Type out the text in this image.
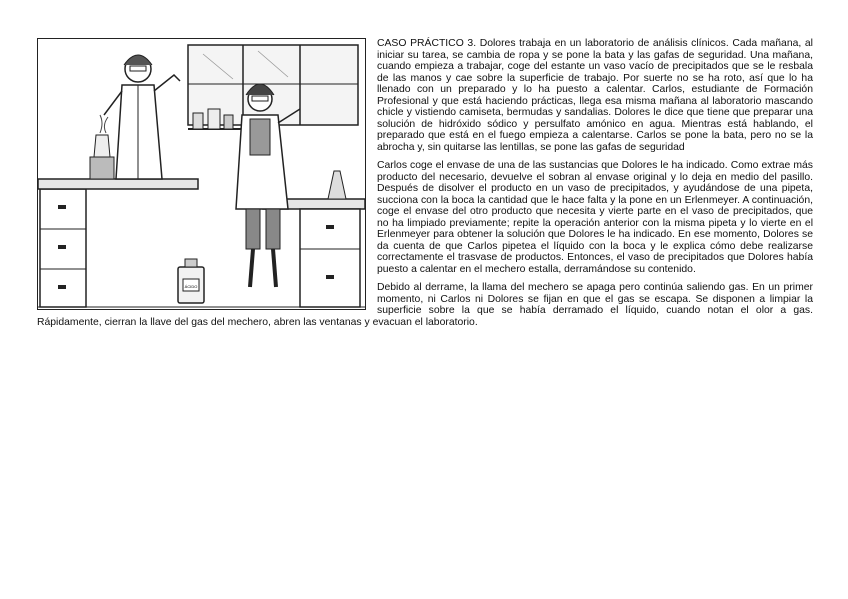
ÁCIDO

CASO PRÁCTICO 3. Dolores trabaja en un laboratorio de análisis clínicos. Cada mañana, al iniciar su tarea, se cambia de ropa y se pone la bata y las gafas de seguridad. Una mañana, cuando empieza a trabajar, coge del estante un vaso vacío de precipitados que se le resbala de las manos y cae sobre la superficie de trabajo. Por suerte no se ha roto, así que lo ha llenado con un preparado y lo ha puesto a calentar. Carlos, estudiante de Formación Profesional y que está haciendo prácticas, llega esa misma mañana al laboratorio mascando chicle y vistiendo camiseta, bermudas y sandalias. Dolores le dice que tiene que preparar una solución de hidróxido sódico y persulfato amónico en agua. Mientras está hablando, el preparado que está en el fuego empieza a calentarse. Carlos se pone la bata, pero no se la abrocha y, sin quitarse las lentillas, se pone las gafas de seguridad

Carlos coge el envase de una de las sustancias que Dolores le ha indicado. Como extrae más producto del necesario, devuelve el sobran al envase original y lo deja en medio del pasillo. Después de disolver el producto en un vaso de precipitados, y ayudándose de una pipeta, succiona con la boca la cantidad que le hace falta y la pone en un Erlenmeyer. A continuación, coge el envase del otro producto que necesita y vierte parte en el vaso de precipitados, que no ha limpiado previamente; repite la operación anterior con la misma pipeta y lo vierte en el Erlenmeyer para obtener la solución que Dolores le ha indicado. En ese momento, Dolores se da cuenta de que Carlos pipetea el líquido con la boca y le explica cómo debe realizarse correctamente el trasvase de productos. Entonces, el vaso de precipitados que Dolores había puesto a calentar en el mechero estalla, derramándose su contenido.

Debido al derrame, la llama del mechero se apaga pero continúa saliendo gas. En un primer momento, ni Carlos ni Dolores se fijan en que el gas se escapa. Se disponen a limpiar la superficie sobre la que se había derramado el líquido, cuando notan el olor a gas. Rápidamente, cierran la llave del gas del mechero, abren las ventanas y evacuan el laboratorio.
